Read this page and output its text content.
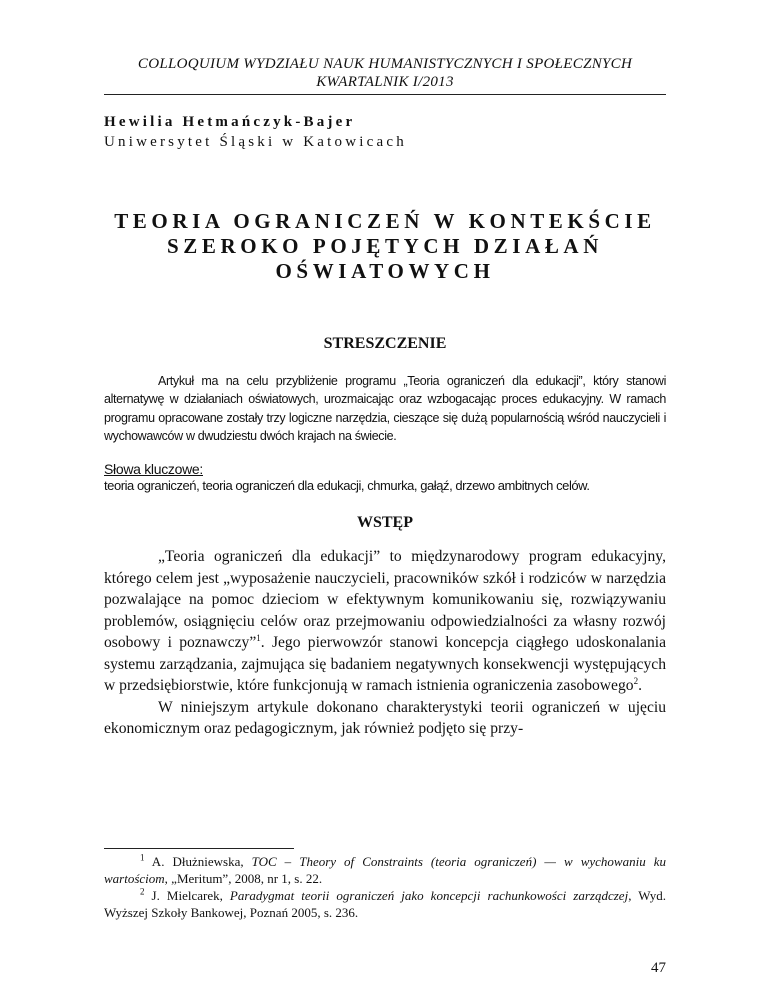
COLLOQUIUM WYDZIAŁU NAUK HUMANISTYCZNYCH I SPOŁECZNYCH
KWARTALNIK I/2013
Hewilia Hetmańczyk-Bajer
Uniwersytet Śląski w Katowicach
TEORIA OGRANICZEŃ W KONTEKŚCIE
SZEROKO POJĘTYCH DZIAŁAŃ
OŚWIATOWYCH
STRESZCZENIE
Artykuł ma na celu przybliżenie programu „Teoria ograniczeń dla edukacji”, który stanowi alternatywę w działaniach oświatowych, urozmaicając oraz wzbogacając proces edukacyjny. W ramach programu opracowane zostały trzy logiczne narzędzia, cieszące się dużą popularnością wśród nauczycieli i wychowawców w dwudziestu dwóch krajach na świecie.
Słowa kluczowe:
teoria ograniczeń, teoria ograniczeń dla edukacji, chmurka, gałąź, drzewo ambitnych celów.
WSTĘP

„Teoria ograniczeń dla edukacji” to międzynarodowy program edukacyjny, którego celem jest „wyposażenie nauczycieli, pracowników szkół i rodziców w narzędzia pozwalające na pomoc dzieciom w efektywnym komunikowaniu się, rozwiązywaniu problemów, osiągnięciu celów oraz przejmowaniu odpowiedzialności za własny rozwój osobowy i poznawczy”$^1$. Jego pierwowzór stanowi koncepcja ciągłego udoskonalania systemu zarządzania, zajmująca się badaniem negatywnych konsekwencji występujących w przedsiębiorstwie, które funkcjonują w ramach istnienia ograniczenia zasobowego$^2$.

W niniejszym artykule dokonano charakterystyki teorii ograniczeń w ujęciu ekonomicznym oraz pedagogicznym, jak również podjęto się przy-

$^1$ A. Dłużniewska, TOC – Theory of Constraints (teoria ograniczeń) — w wychowaniu ku wartościom, „Meritum”, 2008, nr 1, s. 22.

$^2$ J. Mielcarek, Paradygmat teorii ograniczeń jako koncepcji rachunkowości zarządczej, Wyd. Wyższej Szkoły Bankowej, Poznań 2005, s. 236.

47
